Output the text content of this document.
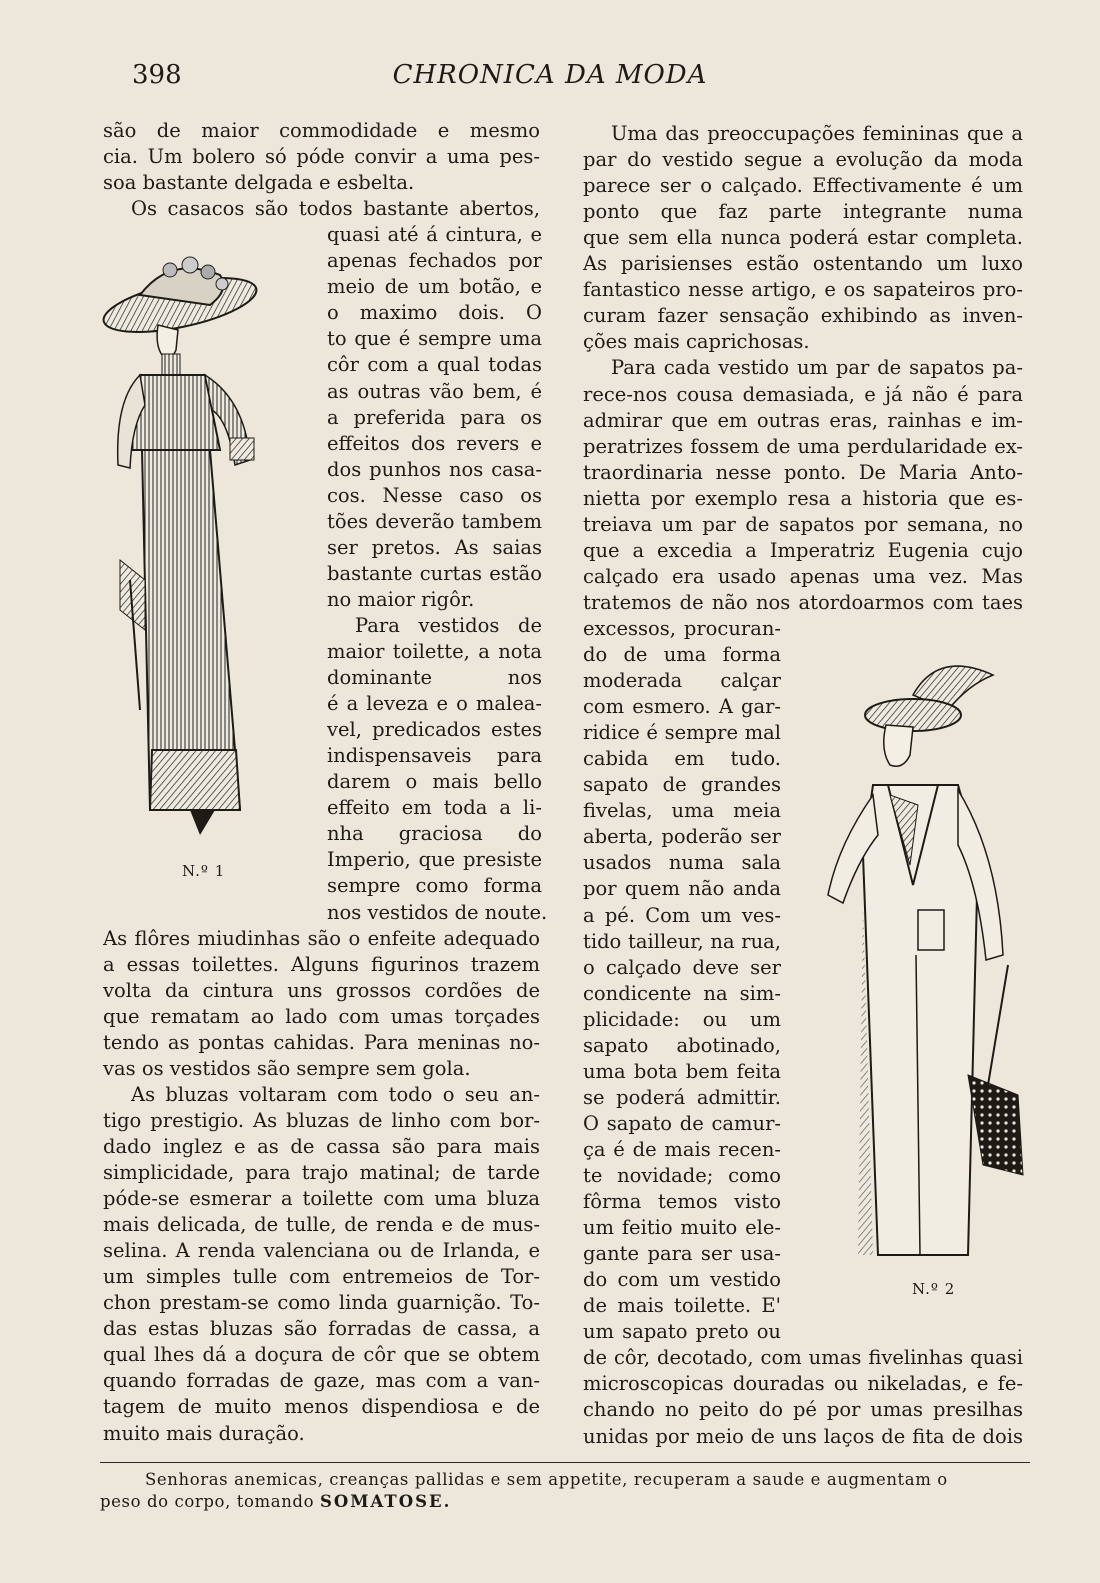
398	CHRONICA DA MODA
N.º 1
N.º 2
são de maior commodidade e mesmo
cia. Um bolero só póde convir a uma pes-
soa bastante delgada e esbelta.
Os casacos são todos bastante abertos,
quasi até á cintura, e
apenas fechados por
meio de um botão, e
o maximo dois. O
to que é sempre uma
côr com a qual todas
as outras vão bem, é
a preferida para os
effeitos dos revers e
dos punhos nos casa-
cos. Nesse caso os
tões deverão tambem
ser pretos. As saias
bastante curtas estão
no maior rigôr.
Para vestidos de
maior toilette, a nota
dominante nos
é a leveza e o malea-
vel, predicados estes
indispensaveis para
darem o mais bello
effeito em toda a li-
nha graciosa do
Imperio, que presiste
sempre como forma
nos vestidos de noute.
As flôres miudinhas são o enfeite adequado
a essas toilettes. Alguns figurinos trazem
volta da cintura uns grossos cordões de
que rematam ao lado com umas torçades
tendo as pontas cahidas. Para meninas no-
vas os vestidos são sempre sem gola.
As bluzas voltaram com todo o seu an-
tigo prestigio. As bluzas de linho com bor-
dado inglez e as de cassa são para mais
simplicidade, para trajo matinal; de tarde
póde-se esmerar a toilette com uma bluza
mais delicada, de tulle, de renda e de mus-
selina. A renda valenciana ou de Irlanda, e
um simples tulle com entremeios de Tor-
chon prestam-se como linda guarnição. To-
das estas bluzas são forradas de cassa, a
qual lhes dá a doçura de côr que se obtem
quando forradas de gaze, mas com a van-
tagem de muito menos dispendiosa e de
muito mais duração.
Uma das preoccupações femininas que a
par do vestido segue a evolução da moda
parece ser o calçado. Effectivamente é um
ponto que faz parte integrante numa
que sem ella nunca poderá estar completa.
As parisienses estão ostentando um luxo
fantastico nesse artigo, e os sapateiros pro-
curam fazer sensação exhibindo as inven-
ções mais caprichosas.
Para cada vestido um par de sapatos pa-
rece-nos cousa demasiada, e já não é para
admirar que em outras eras, rainhas e im-
peratrizes fossem de uma perdularidade ex-
traordinaria nesse ponto. De Maria Anto-
nietta por exemplo resa a historia que es-
treiava um par de sapatos por semana, no
que a excedia a Imperatriz Eugenia cujo
calçado era usado apenas uma vez. Mas
tratemos de não nos atordoarmos com taes
excessos, procuran-
do de uma forma
moderada calçar
com esmero. A gar-
ridice é sempre mal
cabida em tudo.
sapato de grandes
fivelas, uma meia
aberta, poderão ser
usados numa sala
por quem não anda
a pé. Com um ves-
tido tailleur, na rua,
o calçado deve ser
condicente na sim-
plicidade: ou um
sapato abotinado,
uma bota bem feita
se poderá admittir.
O sapato de camur-
ça é de mais recen-
te novidade; como
fôrma temos visto
um feitio muito ele-
gante para ser usa-
do com um vestido
de mais toilette. E'
um sapato preto ou
de côr, decotado, com umas fivelinhas quasi
microscopicas douradas ou nikeladas, e fe-
chando no peito do pé por umas presilhas
unidas por meio de uns laços de fita de dois
Senhoras anemicas, creanças pallidas e sem appetite, recuperam a saude e augmentam o
peso do corpo, tomando SOMATOSE.
